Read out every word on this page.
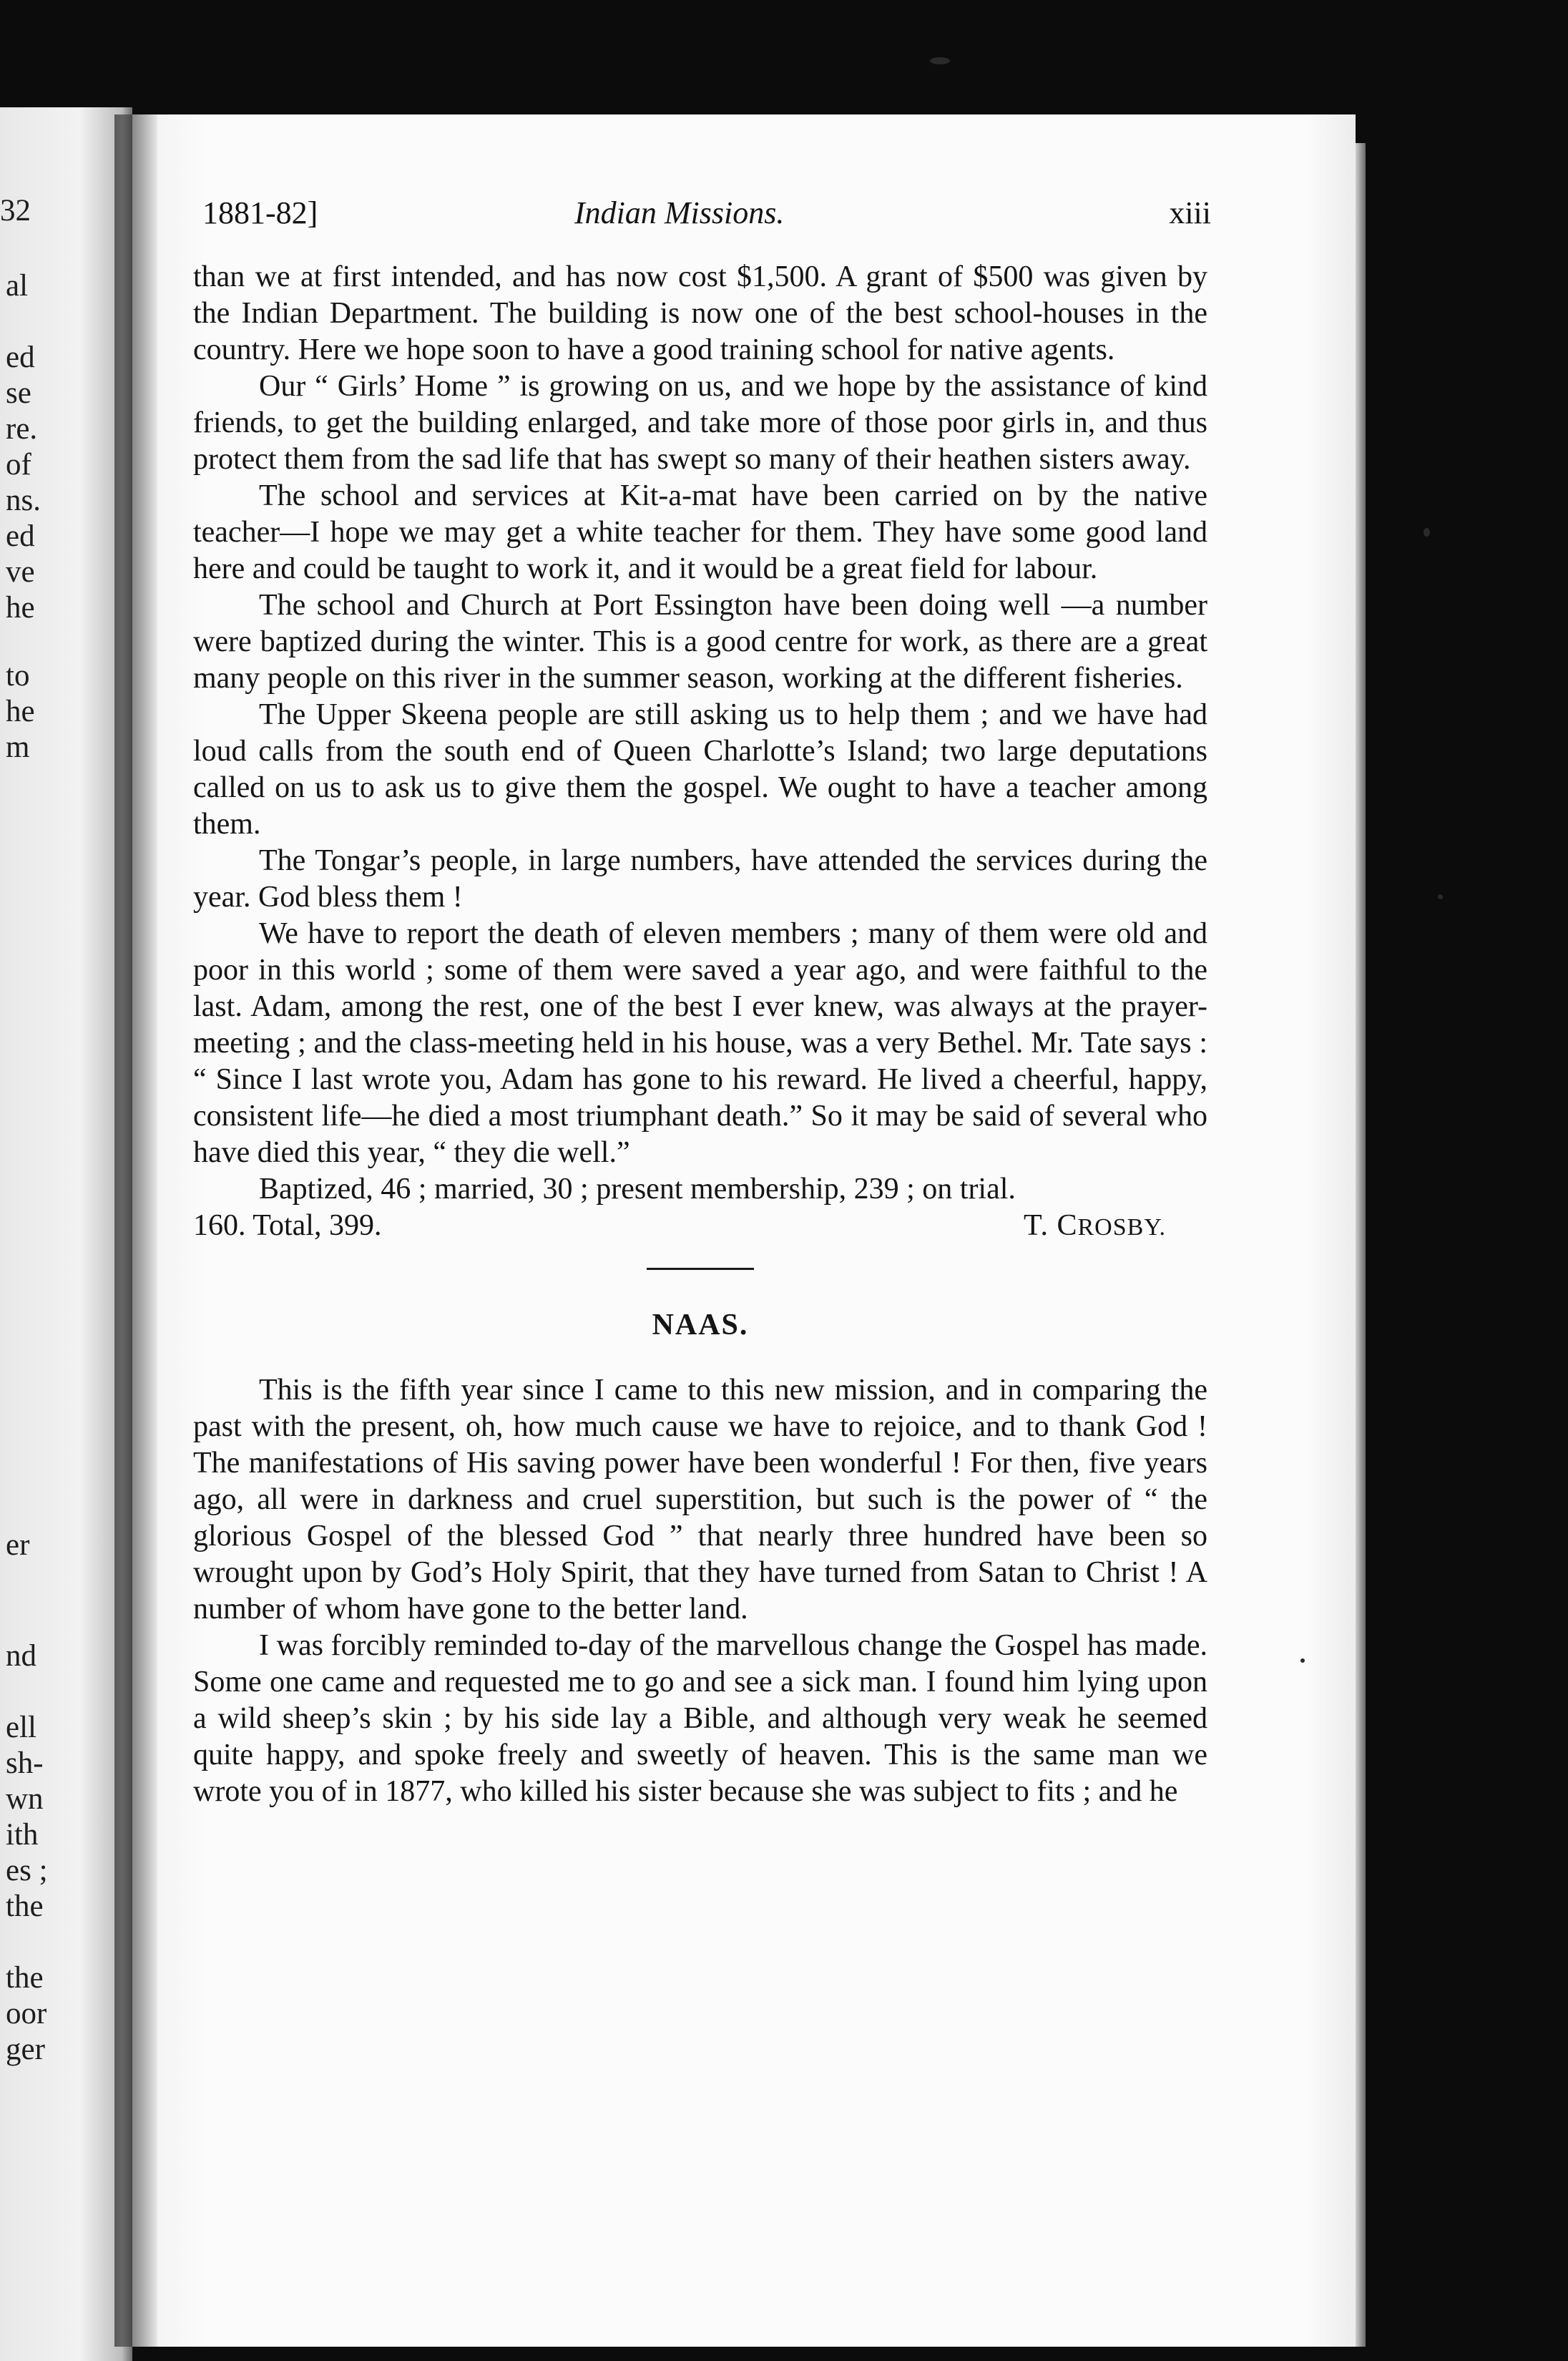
32
al
ed
se
re.
of
ns.
ed
ve
he
to
he
m
er
nd
ell
sh-
wn
ith
es ;
the
the
oor
ger
1881-82]	Indian Missions.	xiii

than we at first intended, and has now cost $1,500. A grant of $500 was given by the Indian Department. The building is now one of the best school-houses in the country. Here we hope soon to have a good training school for native agents.

Our “ Girls’ Home ” is growing on us, and we hope by the assistance of kind friends, to get the building enlarged, and take more of those poor girls in, and thus protect them from the sad life that has swept so many of their heathen sisters away.

The school and services at Kit-a-mat have been carried on by the native teacher—I hope we may get a white teacher for them. They have some good land here and could be taught to work it, and it would be a great field for labour.

The school and Church at Port Essington have been doing well —a number were baptized during the winter. This is a good centre for work, as there are a great many people on this river in the summer season, working at the different fisheries.

The Upper Skeena people are still asking us to help them ; and we have had loud calls from the south end of Queen Charlotte’s Island; two large deputations called on us to ask us to give them the gospel. We ought to have a teacher among them.

The Tongar’s people, in large numbers, have attended the services during the year. God bless them !

We have to report the death of eleven members ; many of them were old and poor in this world ; some of them were saved a year ago, and were faithful to the last. Adam, among the rest, one of the best I ever knew, was always at the prayer-meeting ; and the class-meeting held in his house, was a very Bethel. Mr. Tate says : “ Since I last wrote you, Adam has gone to his reward. He lived a cheerful, happy, consistent life—he died a most triumphant death.” So it may be said of several who have died this year, “ they die well.”

Baptized, 46 ; married, 30 ; present membership, 239 ; on trial.

160. Total, 399.	T. CROSBY.
NAAS.

This is the fifth year since I came to this new mission, and in comparing the past with the present, oh, how much cause we have to rejoice, and to thank God ! The manifestations of His saving power have been wonderful ! For then, five years ago, all were in darkness and cruel superstition, but such is the power of “ the glorious Gospel of the blessed God ” that nearly three hundred have been so wrought upon by God’s Holy Spirit, that they have turned from Satan to Christ ! A number of whom have gone to the better land.

I was forcibly reminded to-day of the marvellous change the Gospel has made. Some one came and requested me to go and see a sick man. I found him lying upon a wild sheep’s skin ; by his side lay a Bible, and although very weak he seemed quite happy, and spoke freely and sweetly of heaven. This is the same man we wrote you of in 1877, who killed his sister because she was subject to fits ; and he
